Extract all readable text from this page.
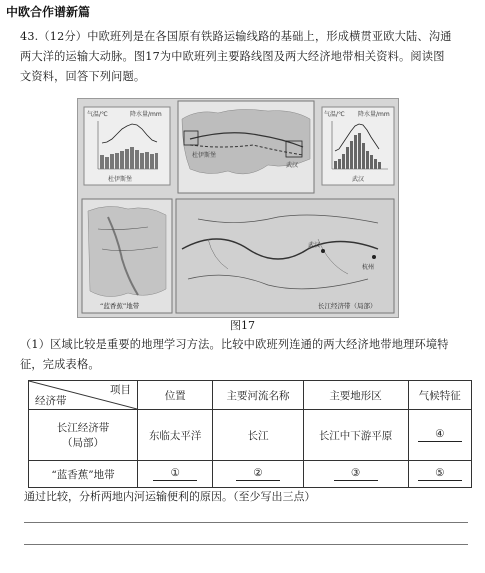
中欧合作谱新篇
43.（12分）中欧班列是在各国原有铁路运输线路的基础上，形成横贯亚欧大陆、沟通
两大洋的运输大动脉。图17为中欧班列主要路线图及两大经济地带相关资料。阅读图
文资料，回答下列问题。
气温/℃	降水量/mm
杜伊斯堡
杜伊斯堡
武汉
气温/℃ 降水量/mm
武汉
“蓝香蕉”地带
武汉
杭州
长江经济带（局部）
图17
（1）区域比较是重要的地理学习方法。比较中欧班列连通的两大经济地带地理环境特
征，完成表格。
项目
经济带	位置	主要河流名称	主要地形区	气候特征

长江经济带
（局部）	东临太平洋	长江	长江中下游平原	④
“蓝香蕉”地带	①	②	③	⑤
通过比较，分析两地内河运输便利的原因。（至少写出三点）
